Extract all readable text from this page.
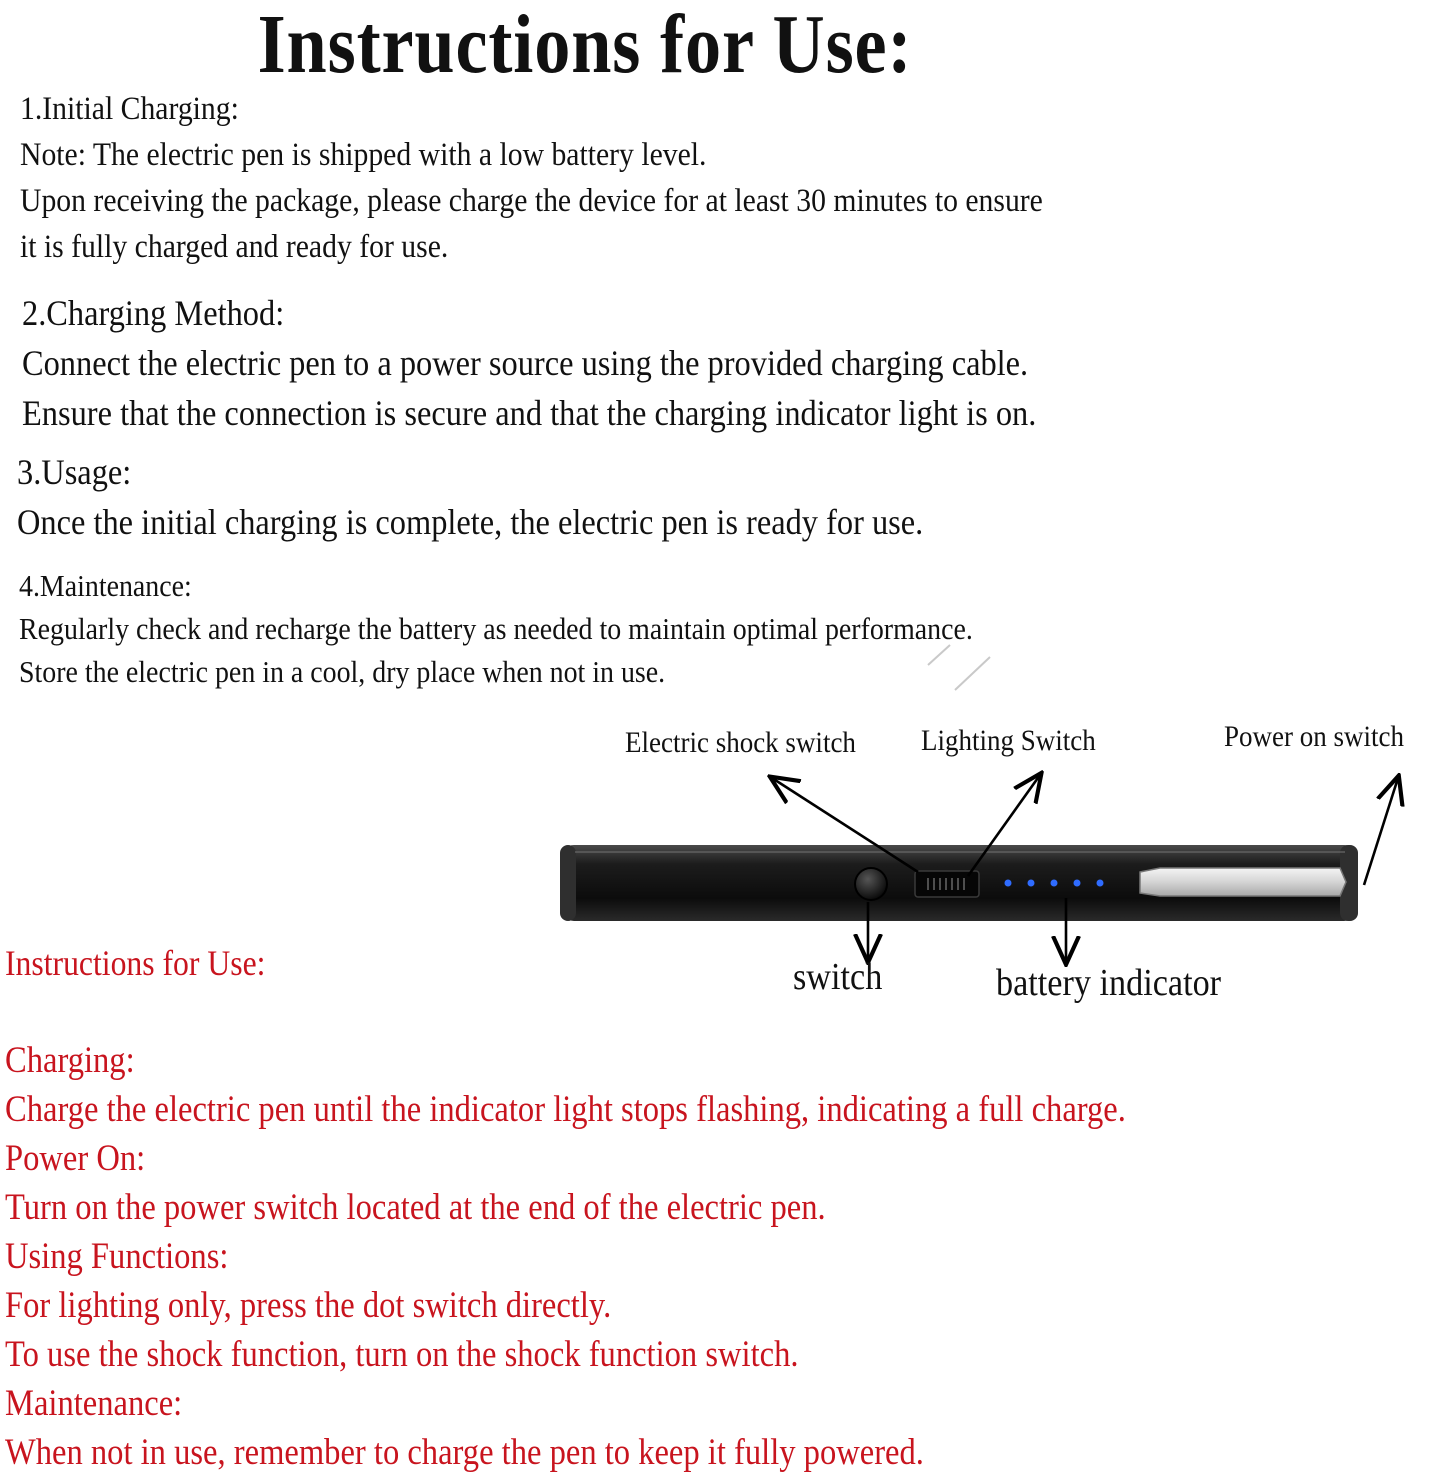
Instructions for Use:
1.Initial Charging:
Note: The electric pen is shipped with a low battery level.
Upon receiving the package, please charge the device for at least 30 minutes to ensure
it is fully charged and ready for use.
2.Charging Method:
Connect the electric pen to a power source using the provided charging cable.
Ensure that the connection is secure and that the charging indicator light is on.
3.Usage:
Once the initial charging is complete, the electric pen is ready for use.
4.Maintenance:
Regularly check and recharge the battery as needed to maintain optimal performance.
Store the electric pen in a cool, dry place when not in use.
Electric shock switch Lighting Switch	Power on switch
switch	battery indicator
Instructions for Use:
Charging:
Charge the electric pen until the indicator light stops flashing, indicating a full charge.
Power On:
Turn on the power switch located at the end of the electric pen.
Using Functions:
For lighting only, press the dot switch directly.
To use the shock function, turn on the shock function switch.
Maintenance:
When not in use, remember to charge the pen to keep it fully powered.
